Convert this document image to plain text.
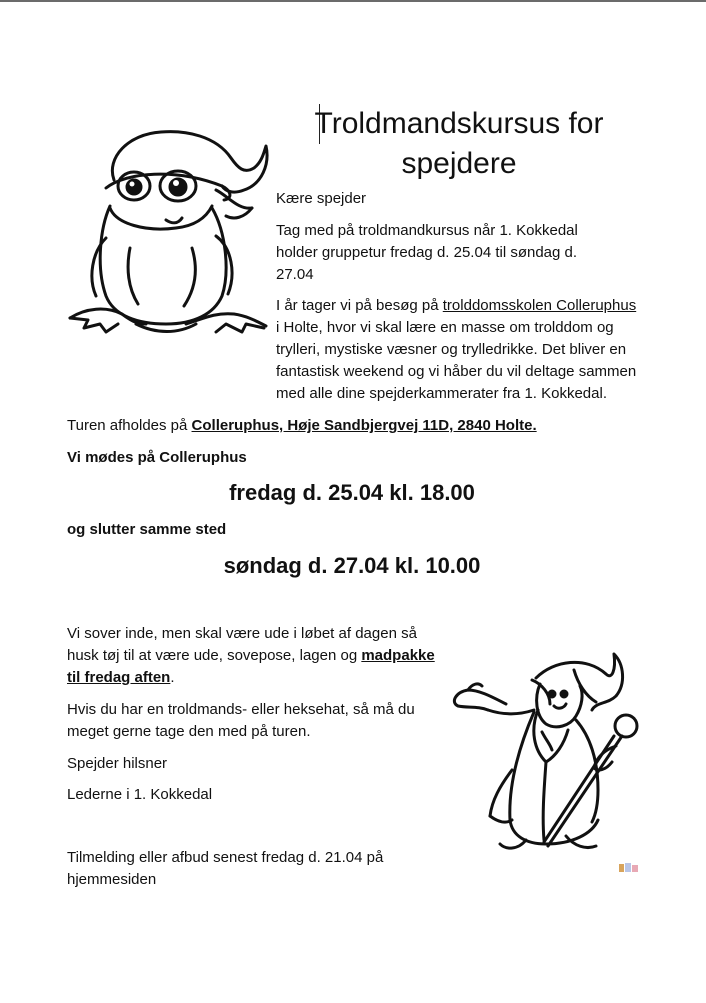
Troldmandskursus for spejdere

Kære spejder

Tag med på troldmandkursus når 1. Kokkedal holder gruppetur fredag d. 25.04 til søndag d. 27.04

I år tager vi på besøg på trolddomsskolen Colleruphus i Holte, hvor vi skal lære en masse om trolddom og trylleri, mystiske væsner og trylledrikke. Det bliver en fantastisk weekend og vi håber du vil deltage sammen med alle dine spejderkammerater fra 1. Kokkedal.

Turen afholdes på Colleruphus, Høje Sandbjergvej 11D, 2840 Holte.

Vi mødes på Colleruphus

fredag d. 25.04 kl. 18.00

og slutter samme sted

søndag d. 27.04 kl. 10.00

Vi sover inde, men skal være ude i løbet af dagen så husk tøj til at være ude, sovepose, lagen og madpakke til fredag aften.

Hvis du har en troldmands- eller heksehat, så må du meget gerne tage den med på turen.

Spejder hilsner

Lederne i 1. Kokkedal

Tilmelding eller afbud senest fredag d. 21.04 på hjemmesiden
